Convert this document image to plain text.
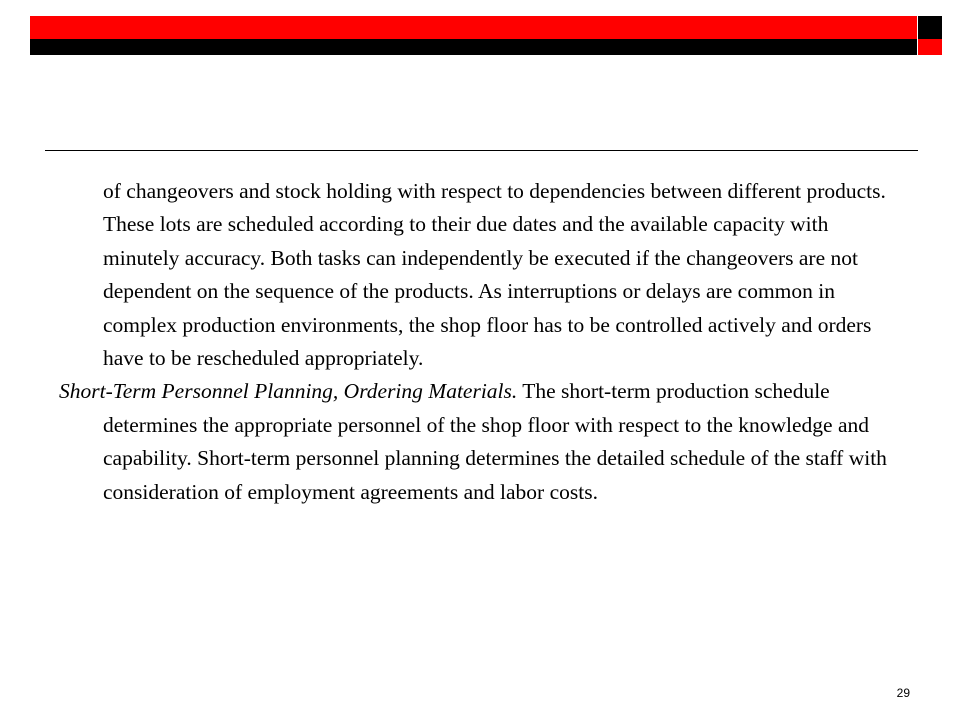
of changeovers and stock holding with respect to dependencies between different products. These lots are scheduled according to their due dates and the available capacity with minutely accuracy. Both tasks can independently be executed if the changeovers are not dependent on the sequence of the products. As interruptions or delays are common in complex production environments, the shop floor has to be controlled actively and orders have to be rescheduled appropriately.

Short-Term Personnel Planning, Ordering Materials. The short-term production schedule determines the appropriate personnel of the shop floor with respect to the knowledge and capability. Short-term personnel planning determines the detailed schedule of the staff with consideration of employment agreements and labor costs.

29
